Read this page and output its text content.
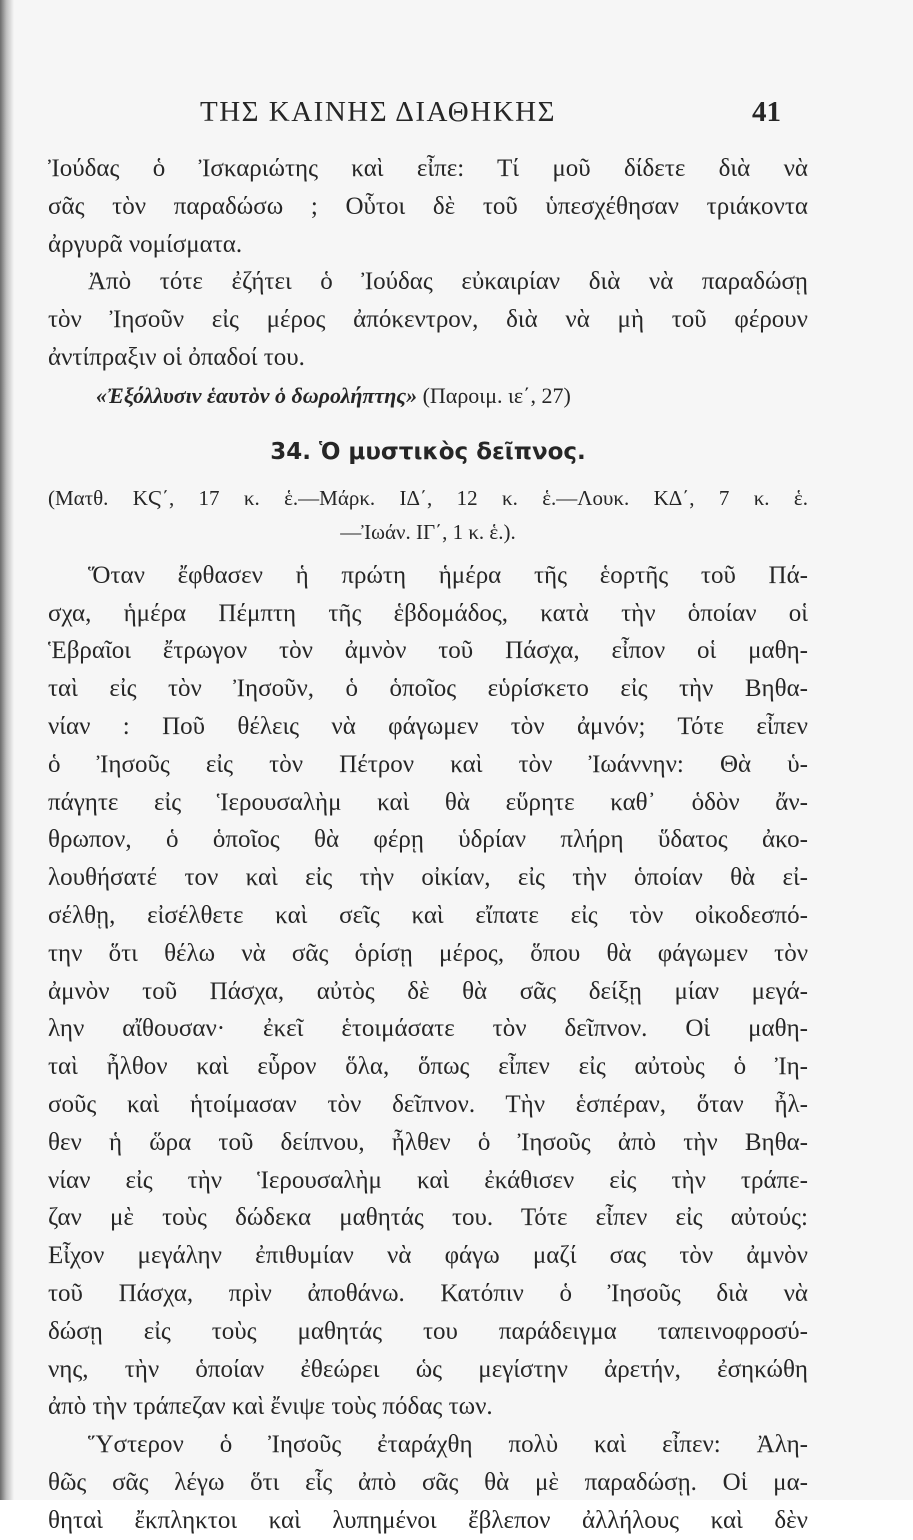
ΤΗΣ ΚΑΙΝΗΣ ΔΙΑΘΗΚΗΣ	41
Ἰούδας ὁ Ἰσκαριώτης καὶ εἶπε: Τί μοῦ δίδετε διὰ νὰ
σᾶς τὸν παραδώσω ; Οὗτοι δὲ τοῦ ὑπεσχέθησαν τριάκοντα
ἀργυρᾶ νομίσματα.
Ἀπὸ τότε ἐζήτει ὁ Ἰούδας εὐκαιρίαν διὰ νὰ παραδώσῃ
τὸν Ἰησοῦν εἰς μέρος ἀπόκεντρον, διὰ νὰ μὴ τοῦ φέρουν
ἀντίπραξιν οἱ ὀπαδοί του.
«Ἐξόλλυσιν ἑαυτὸν ὁ δωρολήπτης» (Παροιμ. ιε΄, 27)
34. Ὁ μυστικὸς δεῖπνος.
(Ματθ. ΚϚ΄, 17 κ. ἑ.—Μάρκ. ΙΔ΄, 12 κ. ἑ.—Λουκ. ΚΔ΄, 7 κ. ἑ.
—Ἰωάν. ΙΓ΄, 1 κ. ἑ.).
Ὅταν ἔφθασεν ἡ πρώτη ἡμέρα τῆς ἑορτῆς τοῦ Πά-
σχα, ἡμέρα Πέμπτη τῆς ἑβδομάδος, κατὰ τὴν ὁποίαν οἱ
Ἑβραῖοι ἔτρωγον τὸν ἀμνὸν τοῦ Πάσχα, εἶπον οἱ μαθη-
ταὶ εἰς τὸν Ἰησοῦν, ὁ ὁποῖος εὑρίσκετο εἰς τὴν Βηθα-
νίαν : Ποῦ θέλεις νὰ φάγωμεν τὸν ἀμνόν; Τότε εἶπεν
ὁ Ἰησοῦς εἰς τὸν Πέτρον καὶ τὸν Ἰωάννην: Θὰ ὑ-
πάγητε εἰς Ἱερουσαλὴμ καὶ θὰ εὕρητε καθ᾿ ὁδὸν ἄν-
θρωπον, ὁ ὁποῖος θὰ φέρῃ ὑδρίαν πλήρη ὕδατος ἀκο-
λουθήσατέ τον καὶ εἰς τὴν οἰκίαν, εἰς τὴν ὁποίαν θὰ εἰ-
σέλθῃ, εἰσέλθετε καὶ σεῖς καὶ εἴπατε εἰς τὸν οἰκοδεσπό-
την ὅτι θέλω νὰ σᾶς ὁρίσῃ μέρος, ὅπου θὰ φάγωμεν τὸν
ἀμνὸν τοῦ Πάσχα, αὐτὸς δὲ θὰ σᾶς δείξῃ μίαν μεγά-
λην αἴθουσαν· ἐκεῖ ἑτοιμάσατε τὸν δεῖπνον. Οἱ μαθη-
ταὶ ἦλθον καὶ εὗρον ὅλα, ὅπως εἶπεν εἰς αὐτοὺς ὁ Ἰη-
σοῦς καὶ ἡτοίμασαν τὸν δεῖπνον. Τὴν ἑσπέραν, ὅταν ἦλ-
θεν ἡ ὥρα τοῦ δείπνου, ἦλθεν ὁ Ἰησοῦς ἀπὸ τὴν Βηθα-
νίαν εἰς τὴν Ἱερουσαλὴμ καὶ ἐκάθισεν εἰς τὴν τράπε-
ζαν μὲ τοὺς δώδεκα μαθητάς του. Τότε εἶπεν εἰς αὐτούς:
Εἶχον μεγάλην ἐπιθυμίαν νὰ φάγω μαζί σας τὸν ἀμνὸν
τοῦ Πάσχα, πρὶν ἀποθάνω. Κατόπιν ὁ Ἰησοῦς διὰ νὰ
δώσῃ εἰς τοὺς μαθητάς του παράδειγμα ταπεινοφροσύ-
νης, τὴν ὁποίαν ἐθεώρει ὡς μεγίστην ἀρετήν, ἐσηκώθη
ἀπὸ τὴν τράπεζαν καὶ ἔνιψε τοὺς πόδας των.
Ὕστερον ὁ Ἰησοῦς ἐταράχθη πολὺ καὶ εἶπεν: Ἀλη-
θῶς σᾶς λέγω ὅτι εἷς ἀπὸ σᾶς θὰ μὲ παραδώσῃ. Οἱ μα-
θηταὶ ἔκπληκτοι καὶ λυπημένοι ἔβλεπον ἀλλήλους καὶ δὲν
